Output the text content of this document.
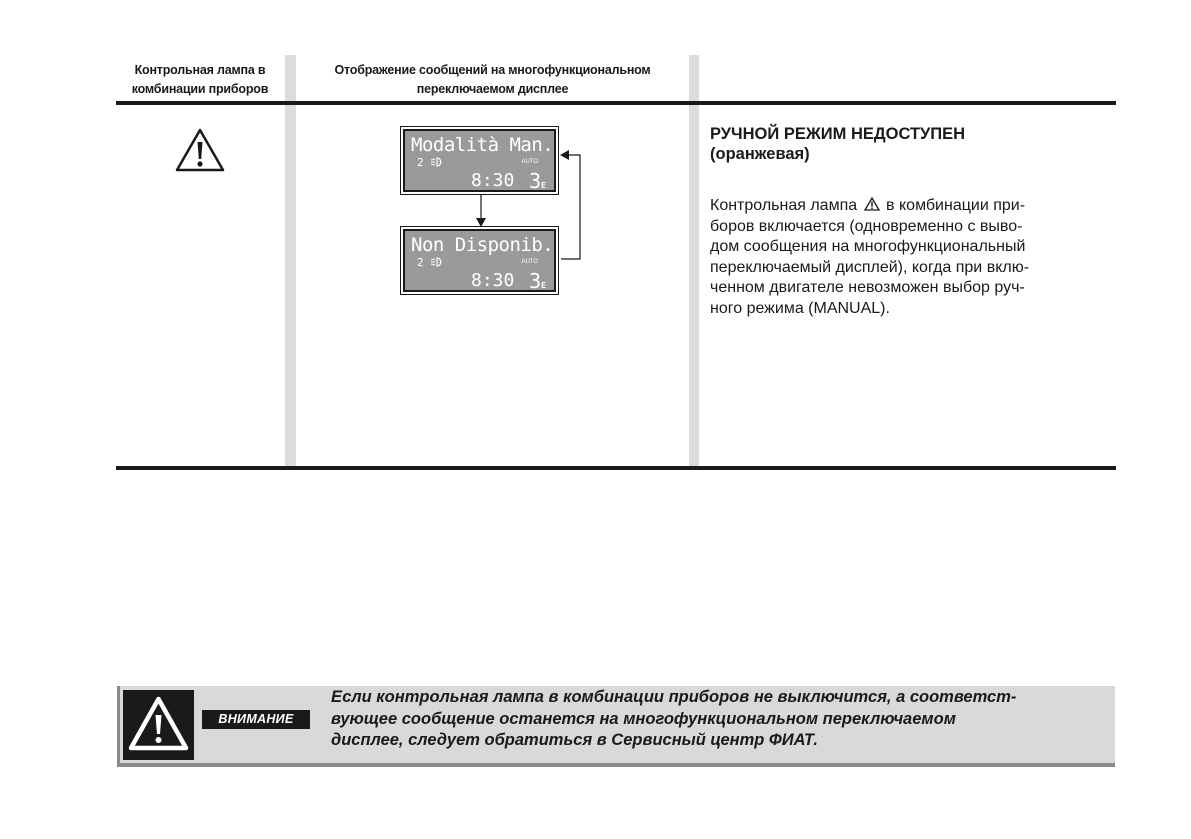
Контрольная лампа в комбинации приборов
Отображение сообщений на многофункциональном переключаемом дисплее
Modalità Man.
2	AUTO
8:30 3E
Non Disponib.
2	AUTO
8:30 3E
РУЧНОЙ РЕЖИМ НЕДОСТУПЕН
(оранжевая)
Контрольная лампа в комбинации при-
боров включается (одновременно с выво-
дом сообщения на многофункциональный
переключаемый дисплей), когда при вклю-
ченном двигателе невозможен выбор руч-
ного режима (MANUAL).
ВНИМАНИЕ
Если контрольная лампа в комбинации приборов не выключится, а соответст-
вующее сообщение останется на многофункциональном переключаемом
дисплее, следует обратиться в Сервисный центр ФИАТ.
